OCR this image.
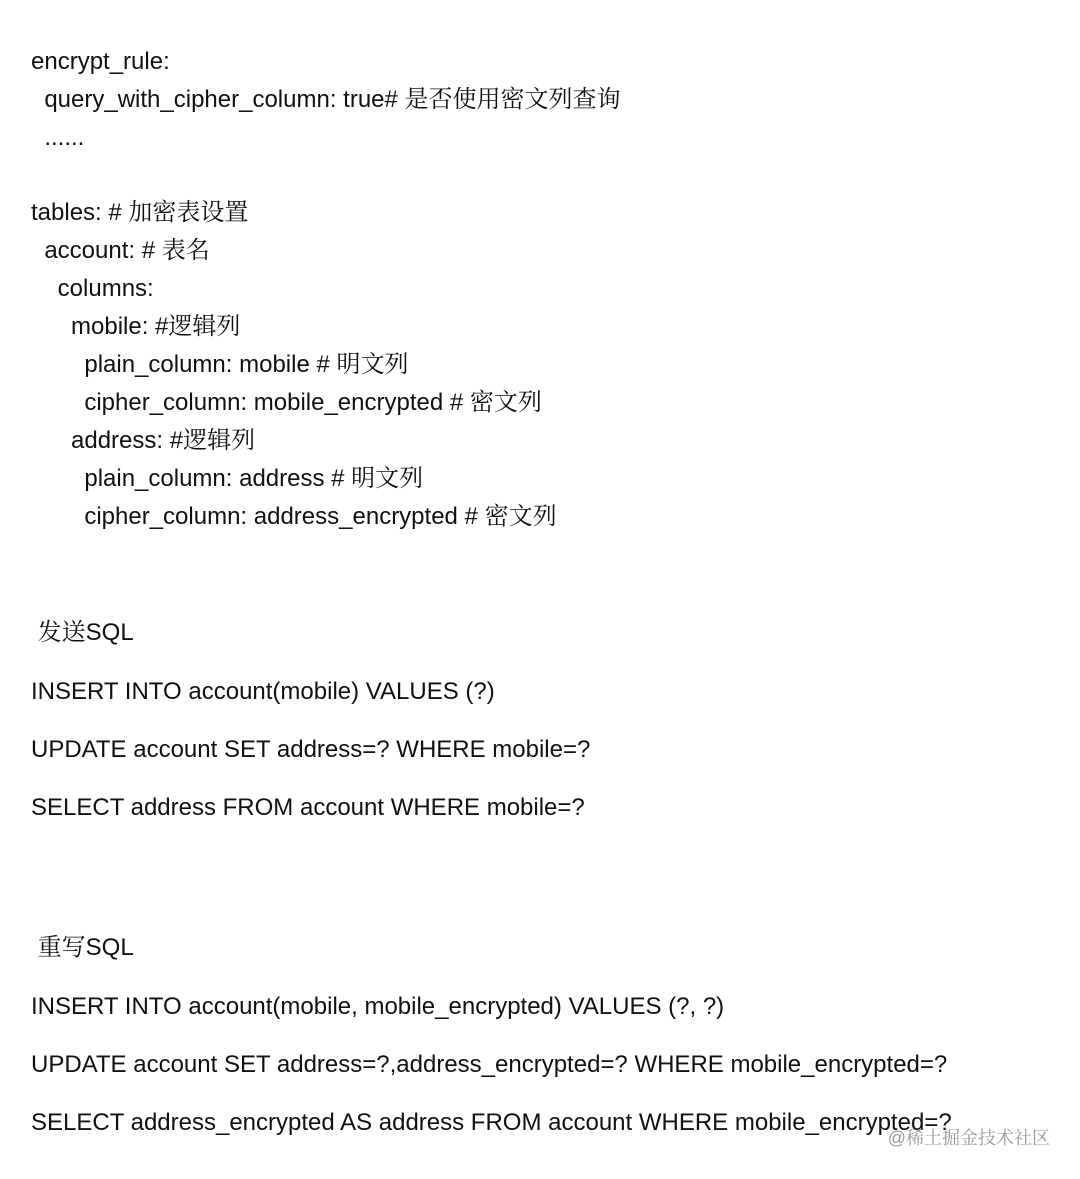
encrypt_rule:
query_with_cipher_column: true# 是否使用密文列查询
......
tables: # 加密表设置
account: # 表名
columns:
mobile: #逻辑列
plain_column: mobile # 明文列
cipher_column: mobile_encrypted # 密文列
address: #逻辑列
plain_column: address # 明文列
cipher_column: address_encrypted # 密文列
发送SQL
INSERT INTO account(mobile) VALUES (?)
UPDATE account SET address=? WHERE mobile=?
SELECT address FROM account WHERE mobile=?
重写SQL
INSERT INTO account(mobile, mobile_encrypted) VALUES (?, ?)
UPDATE account SET address=?,address_encrypted=? WHERE mobile_encrypted=?
SELECT address_encrypted AS address FROM account WHERE mobile_encrypted=?
@稀土掘金技术社区
